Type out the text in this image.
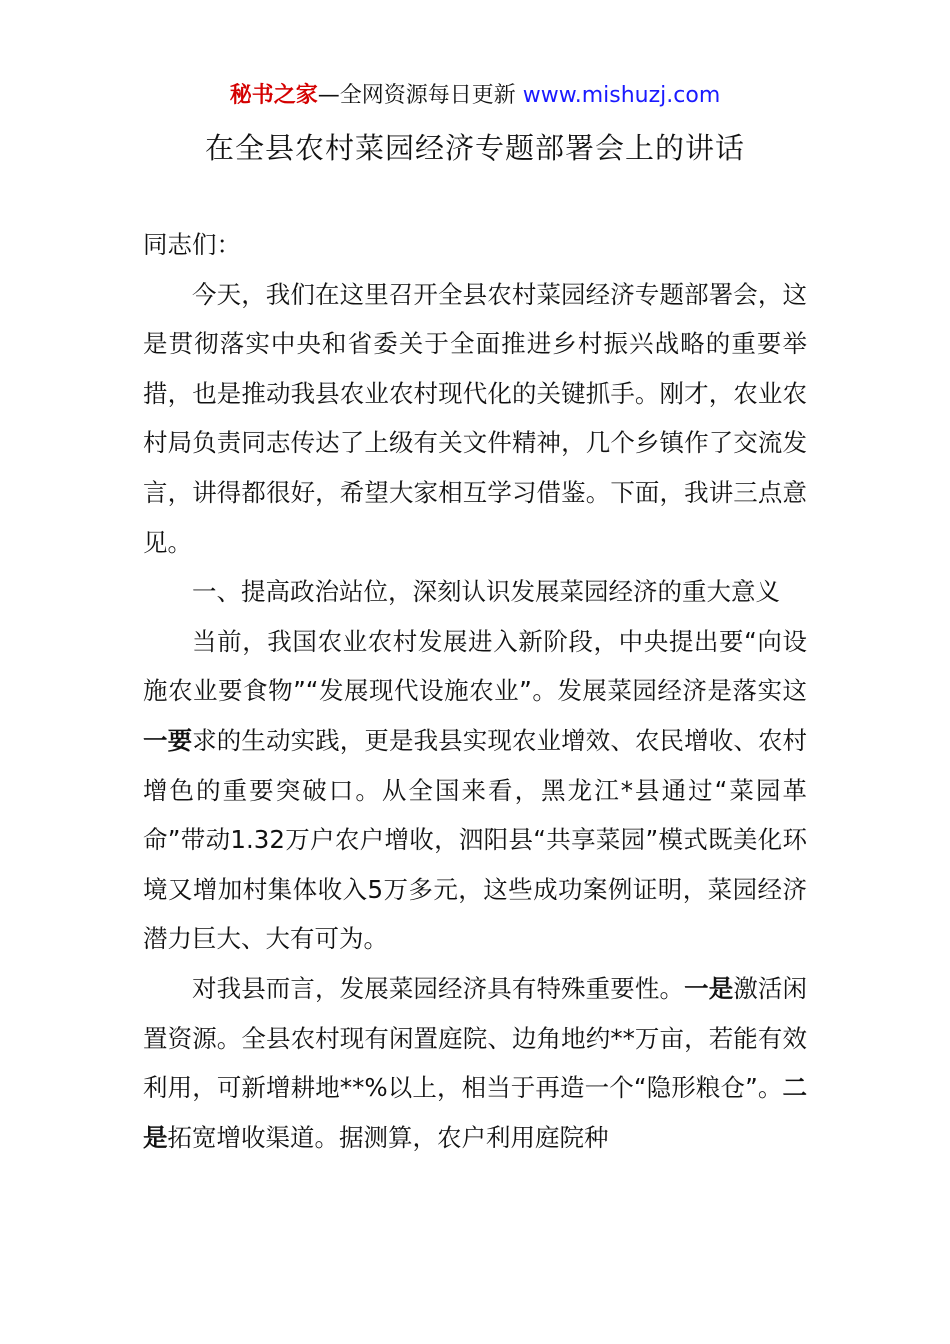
秘书之家—全网资源每日更新 www.mishuzj.com
在全县农村菜园经济专题部署会上的讲话

同志们：

今天，我们在这里召开全县农村菜园经济专题部署会，这是贯彻落实中央和省委关于全面推进乡村振兴战略的重要举措，也是推动我县农业农村现代化的关键抓手。刚才，农业农村局负责同志传达了上级有关文件精神，几个乡镇作了交流发言，讲得都很好，希望大家相互学习借鉴。下面，我讲三点意见。

一、提高政治站位，深刻认识发展菜园经济的重大意义

当前，我国农业农村发展进入新阶段，中央提出要“向设施农业要食物”“发展现代设施农业”。发展菜园经济是落实这一要求的生动实践，更是我县实现农业增效、农民增收、农村增色的重要突破口。从全国来看，黑龙江*县通过“菜园革命”带动1.32万户农户增收，泗阳县“共享菜园”模式既美化环境又增加村集体收入5万多元，这些成功案例证明，菜园经济潜力巨大、大有可为。

对我县而言，发展菜园经济具有特殊重要性。一是激活闲置资源。全县农村现有闲置庭院、边角地约**万亩，若能有效利用，可新增耕地**%以上，相当于再造一个“隐形粮仓”。二是拓宽增收渠道。据测算，农户利用庭院种
